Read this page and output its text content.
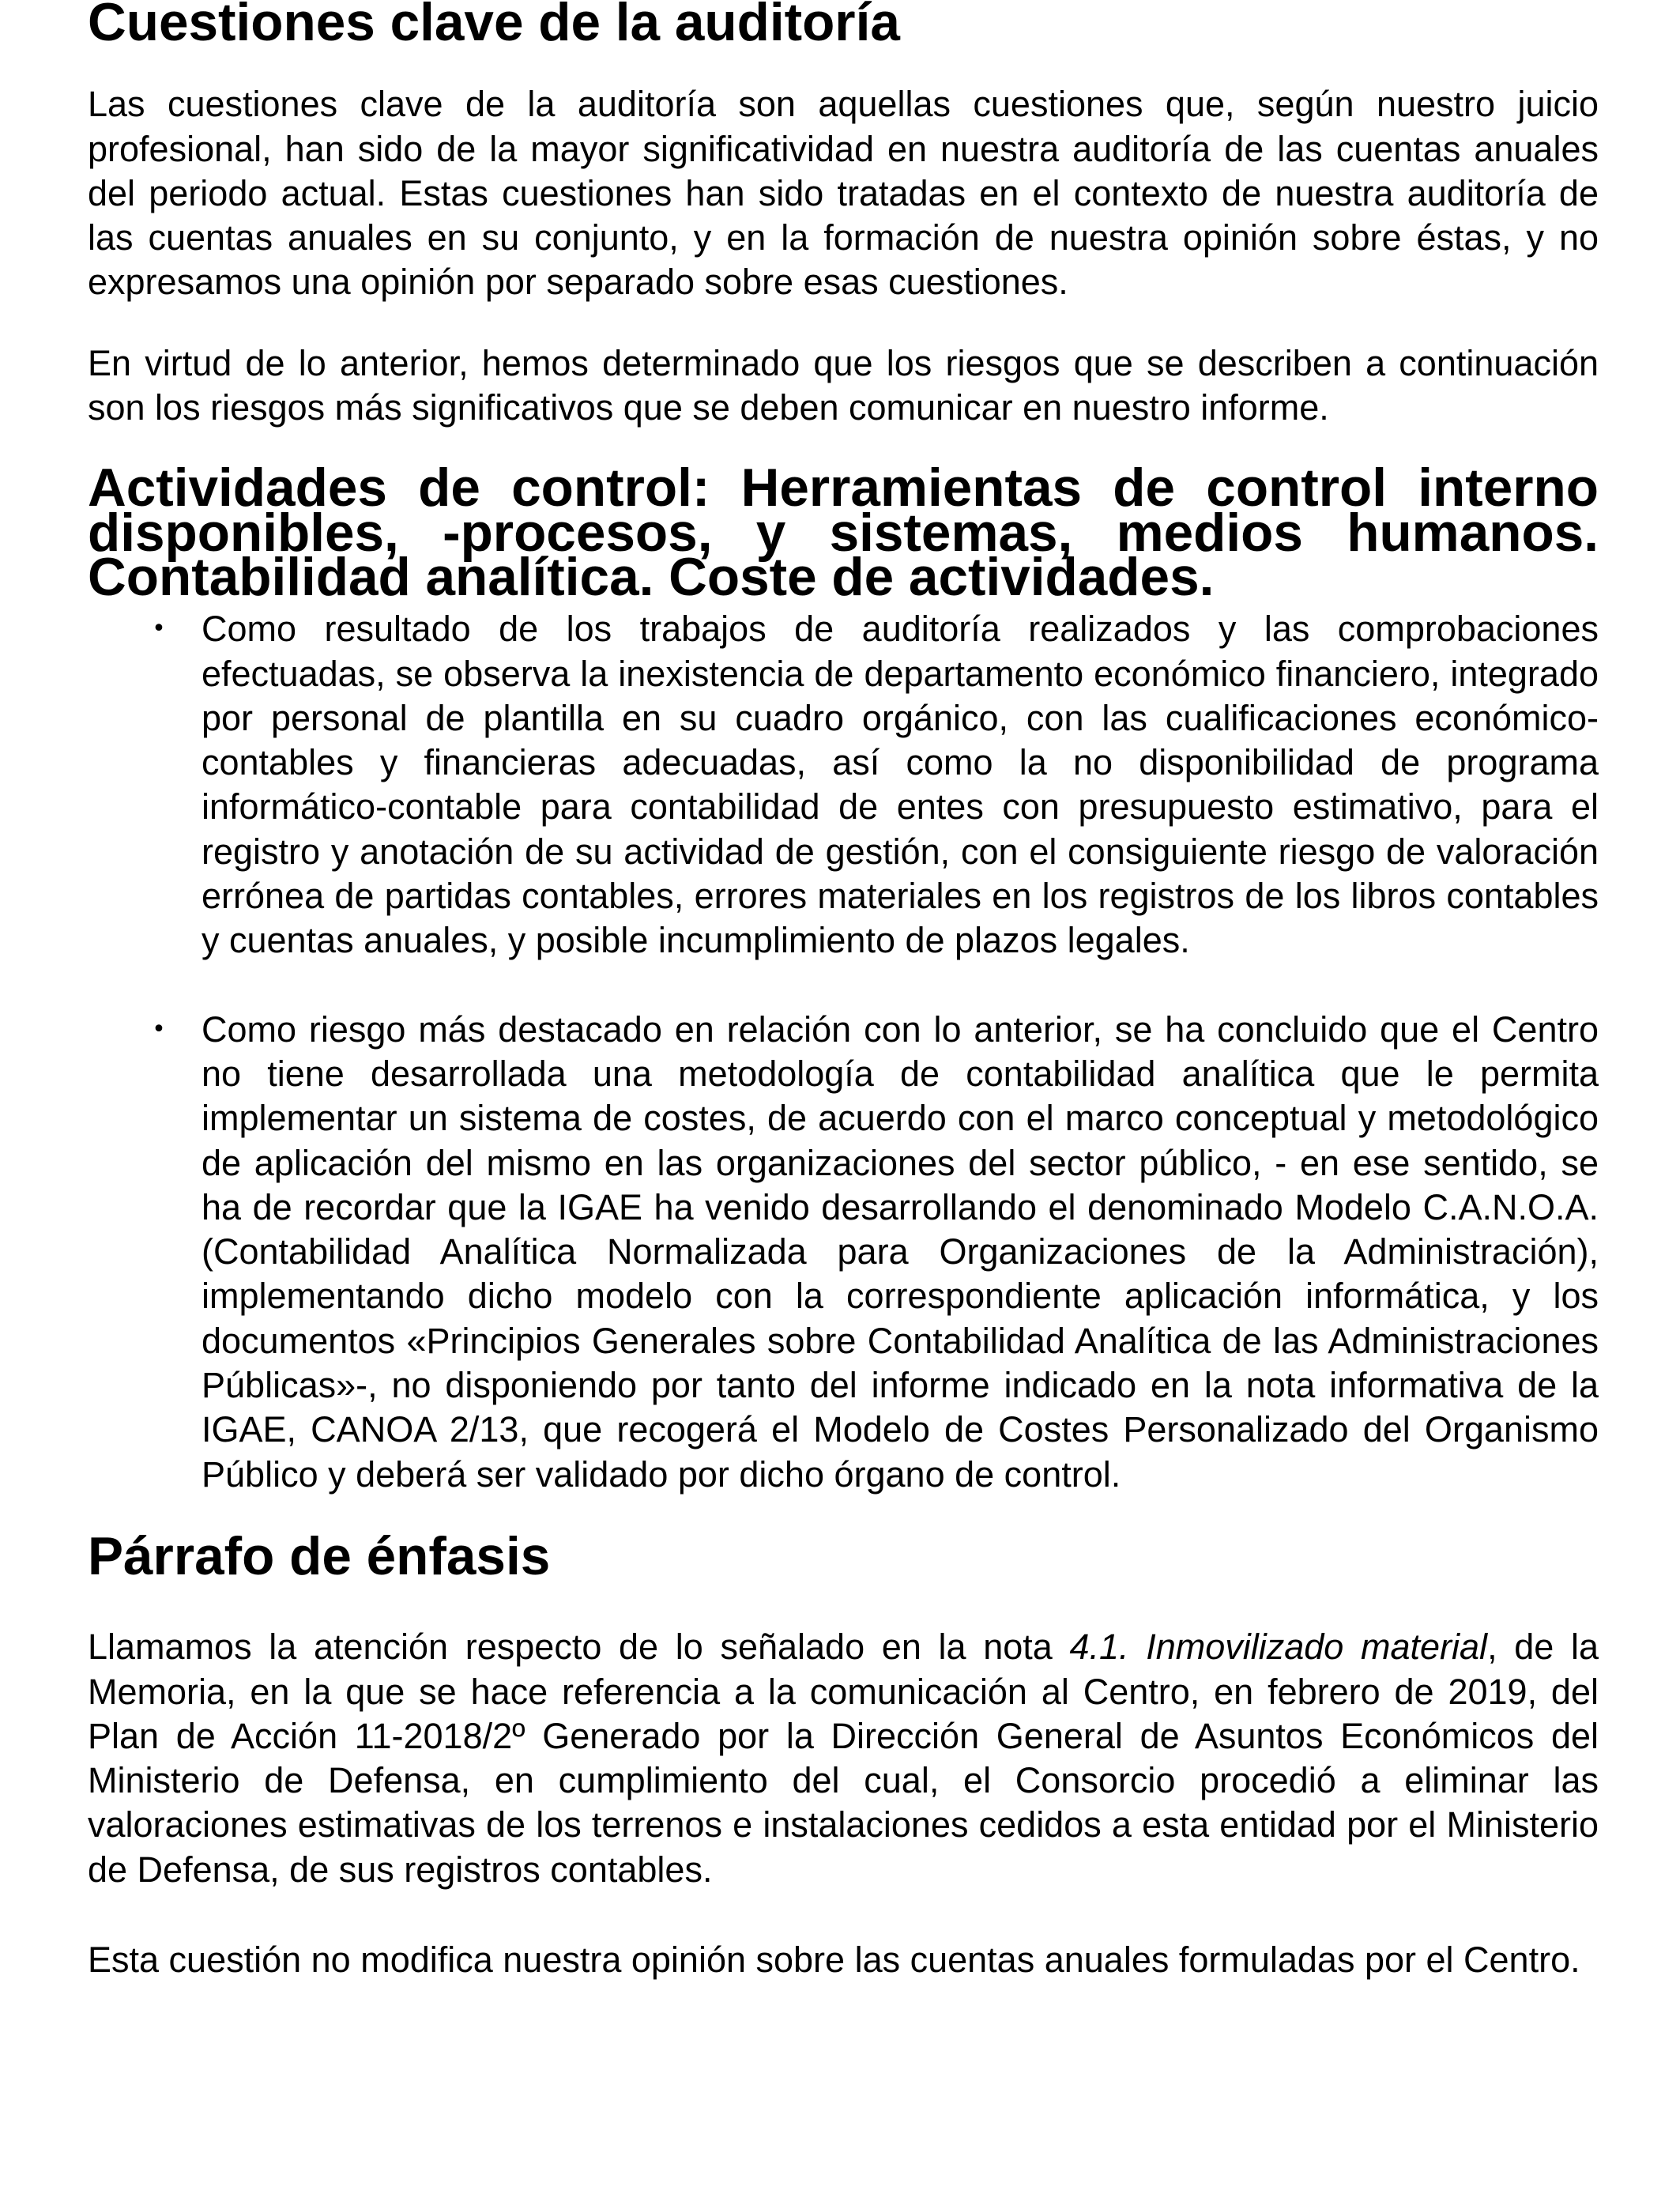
Cuestiones clave de la auditoría

Las cuestiones clave de la auditoría son aquellas cuestiones que, según nuestro juicio profesional, han sido de la mayor significatividad en nuestra auditoría de las cuentas anuales del periodo actual. Estas cuestiones han sido tratadas en el contexto de nuestra auditoría de las cuentas anuales en su conjunto, y en la formación de nuestra opinión sobre éstas, y no expresamos una opinión por separado sobre esas cuestiones.

En virtud de lo anterior, hemos determinado que los riesgos que se describen a continuación son los riesgos más significativos que se deben comunicar en nuestro informe.

Actividades de control: Herramientas de control interno disponibles, -procesos, y sistemas, medios humanos. Contabilidad analítica. Coste de actividades.
• Como resultado de los trabajos de auditoría realizados y las comprobaciones efectuadas, se observa la inexistencia de departamento económico financiero, integrado por personal de plantilla en su cuadro orgánico, con las cualificaciones económico-contables y financieras adecuadas, así como la no disponibilidad de programa informático-contable para contabilidad de entes con presupuesto estimativo, para el registro y anotación de su actividad de gestión, con el consiguiente riesgo de valoración errónea de partidas contables, errores materiales en los registros de los libros contables y cuentas anuales, y posible incumplimiento de plazos legales.

• Como riesgo más destacado en relación con lo anterior, se ha concluido que el Centro no tiene desarrollada una metodología de contabilidad analítica que le permita implementar un sistema de costes, de acuerdo con el marco conceptual y metodológico de aplicación del mismo en las organizaciones del sector público, - en ese sentido, se ha de recordar que la IGAE ha venido desarrollando el denominado Modelo C.A.N.O.A. (Contabilidad Analítica Normalizada para Organizaciones de la Administración), implementando dicho modelo con la correspondiente aplicación informática, y los documentos «Principios Generales sobre Contabilidad Analítica de las Administraciones Públicas»-, no disponiendo por tanto del informe indicado en la nota informativa de la IGAE, CANOA 2/13, que recogerá el Modelo de Costes Personalizado del Organismo Público y deberá ser validado por dicho órgano de control.

Párrafo de énfasis

Llamamos la atención respecto de lo señalado en la nota 4.1. Inmovilizado material, de la Memoria, en la que se hace referencia a la comunicación al Centro, en febrero de 2019, del Plan de Acción 11-2018/2º Generado por la Dirección General de Asuntos Económicos del Ministerio de Defensa, en cumplimiento del cual, el Consorcio procedió a eliminar las valoraciones estimativas de los terrenos e instalaciones cedidos a esta entidad por el Ministerio de Defensa, de sus registros contables.

Esta cuestión no modifica nuestra opinión sobre las cuentas anuales formuladas por el Centro.
